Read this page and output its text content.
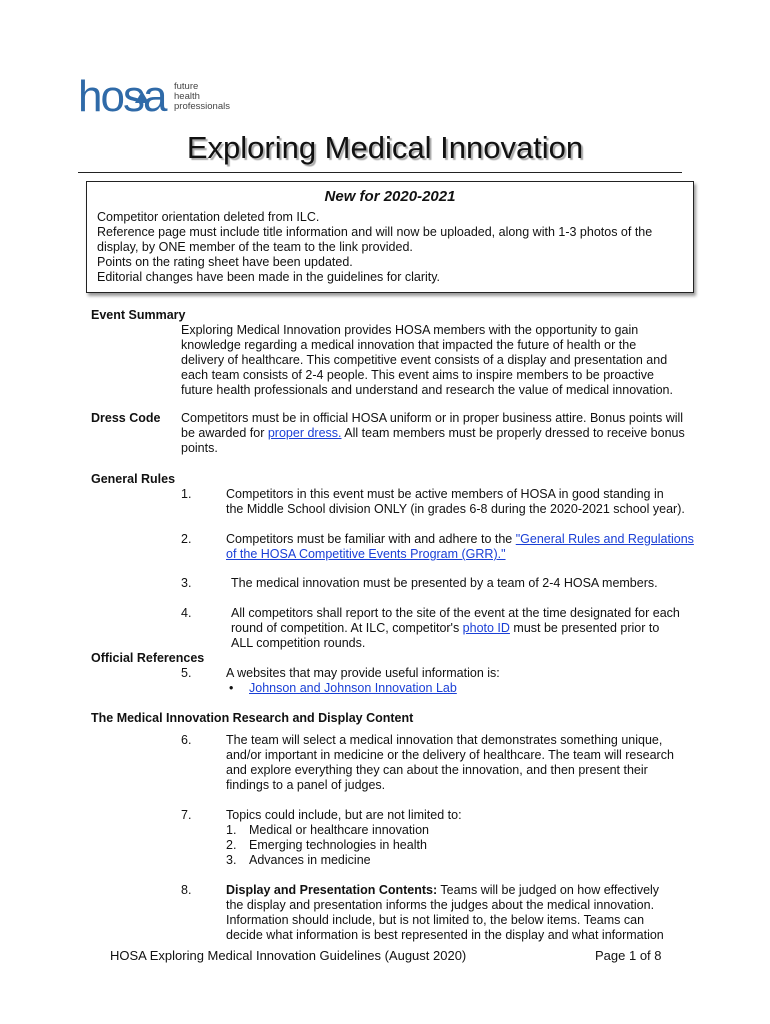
hosa future
health
professionals
Exploring Medical Innovation
New for 2020-2021
Competitor orientation deleted from ILC.
Reference page must include title information and will now be uploaded, along with 1-3 photos of the
display, by ONE member of the team to the link provided.
Points on the rating sheet have been updated.
Editorial changes have been made in the guidelines for clarity.
Event Summary
Exploring Medical Innovation provides HOSA members with the opportunity to gain
knowledge regarding a medical innovation that impacted the future of health or the
delivery of healthcare. This competitive event consists of a display and presentation and
each team consists of 2-4 people. This event aims to inspire members to be proactive
future health professionals and understand and research the value of medical innovation.
Dress Code Competitors must be in official HOSA uniform or in proper business attire. Bonus points will
be awarded for proper dress. All team members must be properly dressed to receive bonus
points.
General Rules
1.	Competitors in this event must be active members of HOSA in good standing in
the Middle School division ONLY (in grades 6-8 during the 2020-2021 school year).
2.	Competitors must be familiar with and adhere to the "General Rules and Regulations
of the HOSA Competitive Events Program (GRR)."
3.	The medical innovation must be presented by a team of 2-4 HOSA members.
4.	All competitors shall report to the site of the event at the time designated for each
round of competition. At ILC, competitor's photo ID must be presented prior to
ALL competition rounds.
Official References
5.	A websites that may provide useful information is:
• Johnson and Johnson Innovation Lab
The Medical Innovation Research and Display Content
6.	The team will select a medical innovation that demonstrates something unique,
and/or important in medicine or the delivery of healthcare. The team will research
and explore everything they can about the innovation, and then present their
findings to a panel of judges.
7.	Topics could include, but are not limited to:
1. Medical or healthcare innovation
2. Emerging technologies in health
3. Advances in medicine
8.	Display and Presentation Contents: Teams will be judged on how effectively
the display and presentation informs the judges about the medical innovation.
Information should include, but is not limited to, the below items. Teams can
decide what information is best represented in the display and what information
HOSA Exploring Medical Innovation Guidelines (August 2020)	Page 1 of 8
